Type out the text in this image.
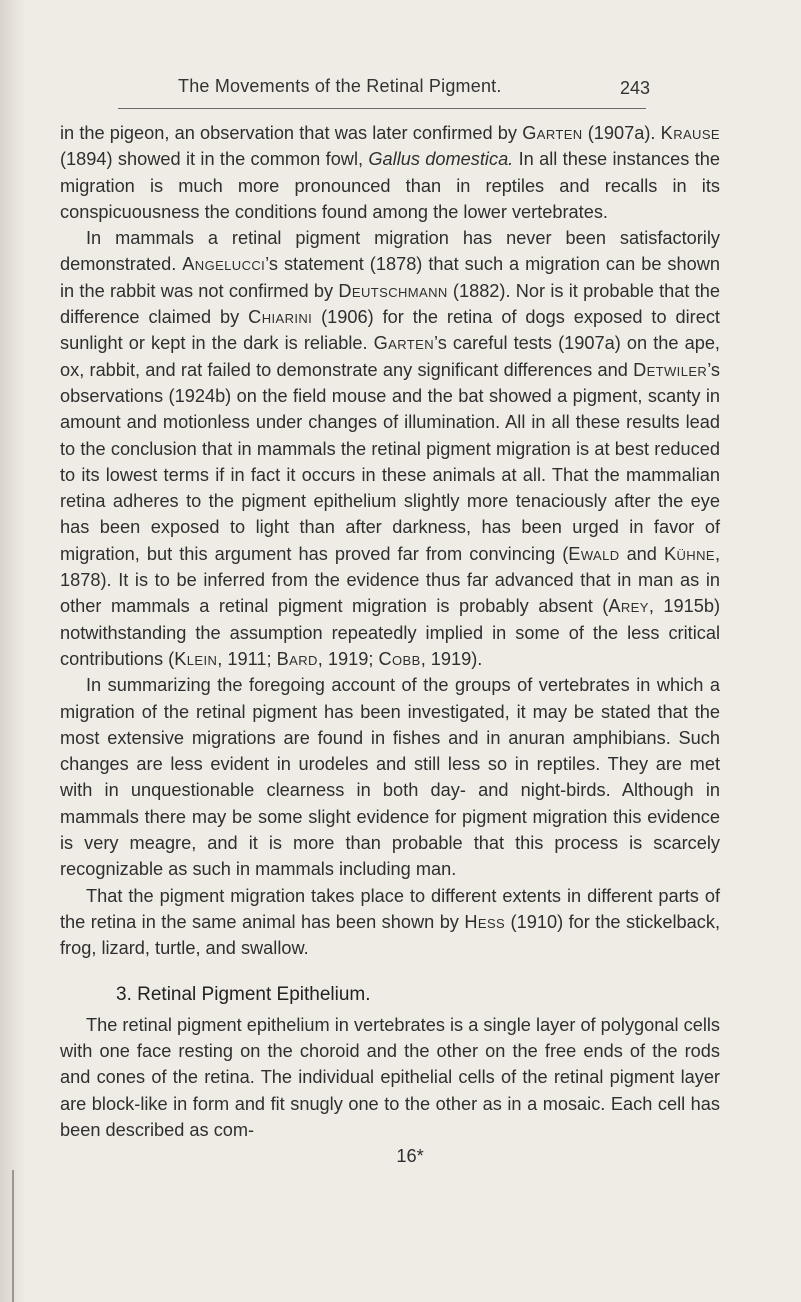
The Movements of the Retinal Pigment.	243

in the pigeon, an observation that was later confirmed by Garten (1907a). Krause (1894) showed it in the common fowl, Gallus domestica. In all these instances the migration is much more pronounced than in reptiles and recalls in its conspicuousness the conditions found among the lower vertebrates.

In mammals a retinal pigment migration has never been satisfactorily demonstrated. Angelucci’s statement (1878) that such a migration can be shown in the rabbit was not confirmed by Deutschmann (1882). Nor is it probable that the difference claimed by Chiarini (1906) for the retina of dogs exposed to direct sunlight or kept in the dark is reliable. Garten’s careful tests (1907a) on the ape, ox, rabbit, and rat failed to demonstrate any significant differences and Detwiler’s observations (1924b) on the field mouse and the bat showed a pigment, scanty in amount and motionless under changes of illumination. All in all these results lead to the conclusion that in mammals the retinal pigment migration is at best reduced to its lowest terms if in fact it occurs in these animals at all. That the mammalian retina adheres to the pigment epithelium slightly more tenaciously after the eye has been exposed to light than after darkness, has been urged in favor of migration, but this argument has proved far from convincing (Ewald and Kühne, 1878). It is to be inferred from the evidence thus far advanced that in man as in other mammals a retinal pigment migration is probably absent (Arey, 1915b) notwithstanding the assumption repeatedly implied in some of the less critical contributions (Klein, 1911; Bard, 1919; Cobb, 1919).

In summarizing the foregoing account of the groups of vertebrates in which a migration of the retinal pigment has been investigated, it may be stated that the most extensive migrations are found in fishes and in anuran amphibians. Such changes are less evident in urodeles and still less so in reptiles. They are met with in unquestionable clearness in both day- and night-birds. Although in mammals there may be some slight evidence for pigment migration this evidence is very meagre, and it is more than probable that this process is scarcely recognizable as such in mammals including man.

That the pigment migration takes place to different extents in different parts of the retina in the same animal has been shown by Hess (1910) for the stickelback, frog, lizard, turtle, and swallow.

3. Retinal Pigment Epithelium.

The retinal pigment epithelium in vertebrates is a single layer of polygonal cells with one face resting on the choroid and the other on the free ends of the rods and cones of the retina. The individual epithelial cells of the retinal pigment layer are block-like in form and fit snugly one to the other as in a mosaic. Each cell has been described as com-

16*
